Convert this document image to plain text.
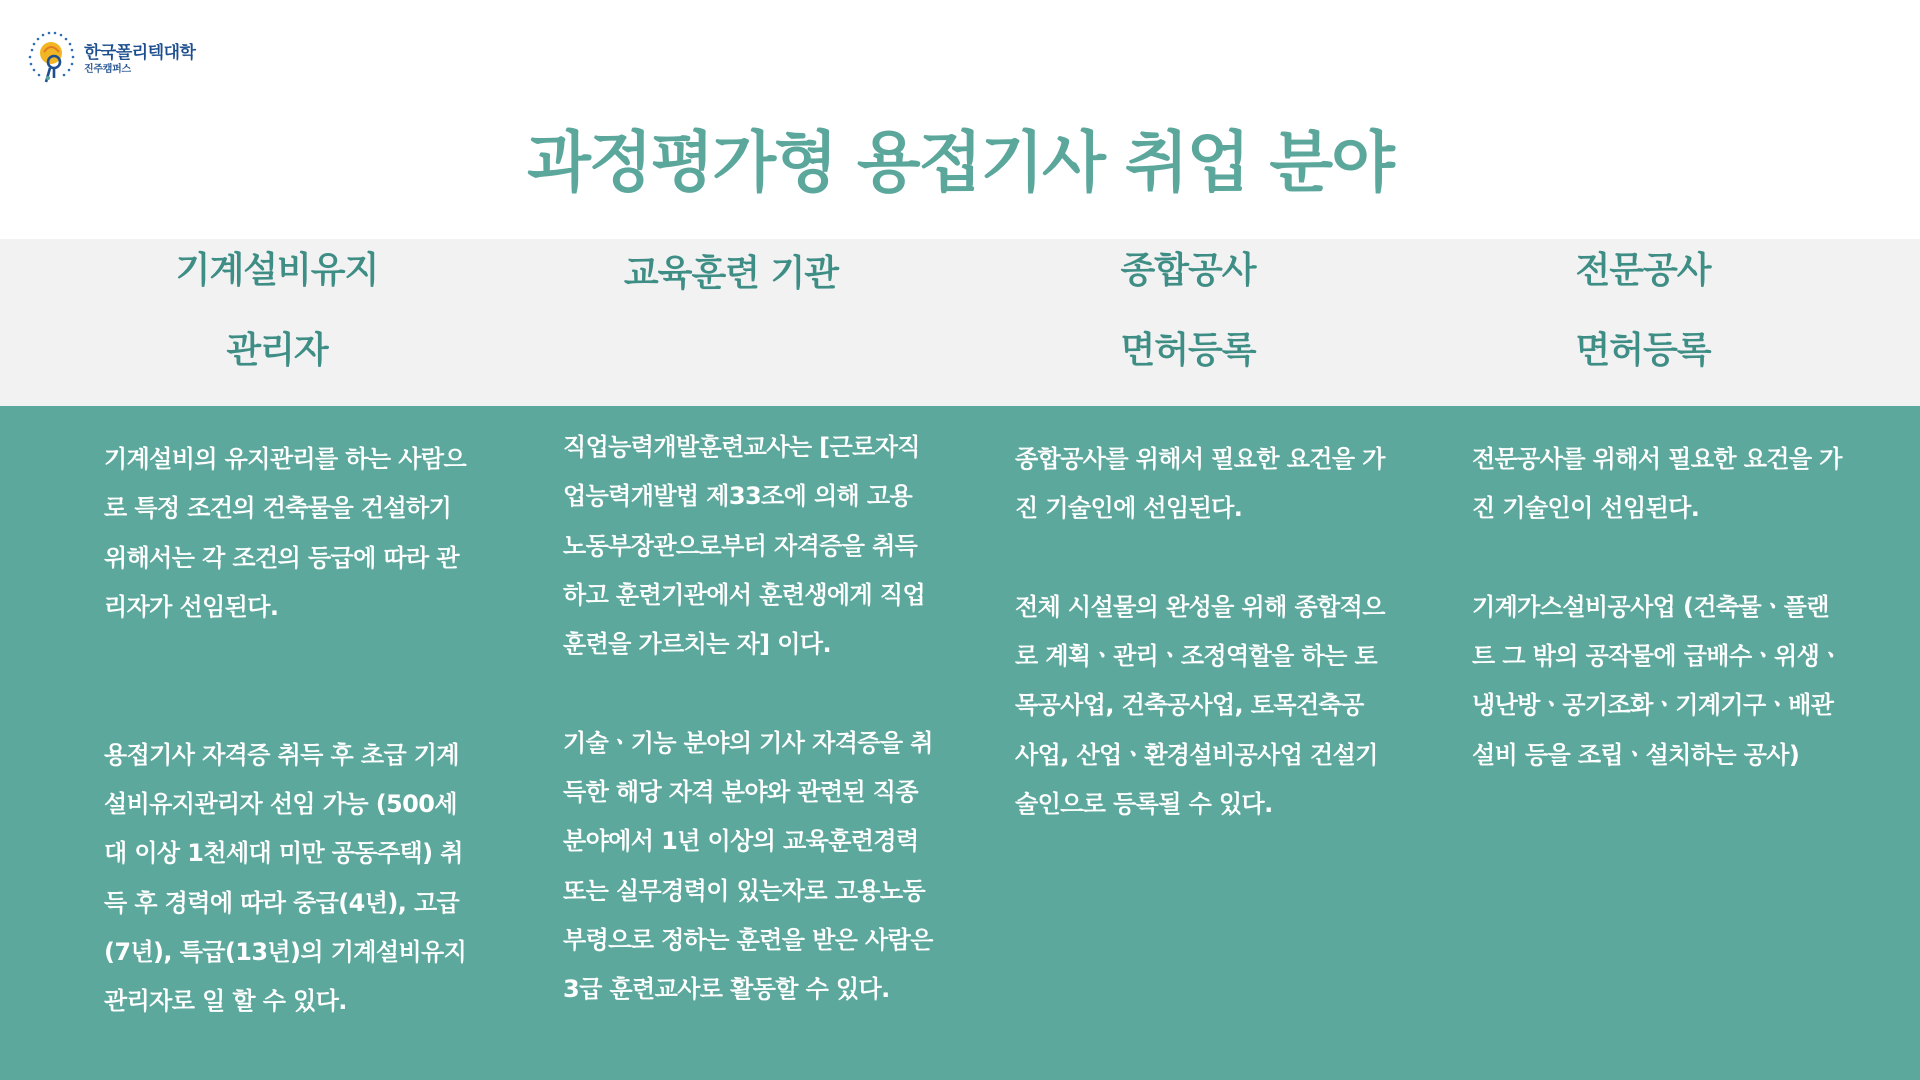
한국폴리텍대학
진주캠퍼스
과정평가형 용접기사 취업 분야
기계설비유지
관리자
교육훈련 기관	종합공사
면허등록
전문공사
면허등록

기계설비의 유지관리를 하는 사람으로 특정 조건의 건축물을 건설하기 위해서는 각 조건의 등급에 따라 관리자가 선임된다.

용접기사 자격증 취득 후 초급 기계설비유지관리자 선임 가능 (500세대 이상 1천세대 미만 공동주택) 취득 후 경력에 따라 중급(4년), 고급(7년), 특급(13년)의 기계설비유지관리자로 일 할 수 있다.

직업능력개발훈련교사는 [근로자직업능력개발법 제33조에 의해 고용노동부장관으로부터 자격증을 취득하고 훈련기관에서 훈련생에게 직업훈련을 가르치는 자] 이다.

기술ㆍ기능 분야의 기사 자격증을 취득한 해당 자격 분야와 관련된 직종 분야에서 1년 이상의 교육훈련경력 또는 실무경력이 있는자로 고용노동부령으로 정하는 훈련을 받은 사람은 3급 훈련교사로 활동할 수 있다.

종합공사를 위해서 필요한 요건을 가진 기술인에 선임된다.

전체 시설물의 완성을 위해 종합적으로 계획ㆍ관리ㆍ조정역할을 하는 토목공사업, 건축공사업, 토목건축공사업, 산업ㆍ환경설비공사업 건설기술인으로 등록될 수 있다.

전문공사를 위해서 필요한 요건을 가진 기술인이 선임된다.

기계가스설비공사업 (건축물ㆍ플랜트 그 밖의 공작물에 급배수ㆍ위생ㆍ냉난방ㆍ공기조화ㆍ기계기구ㆍ배관설비 등을 조립ㆍ설치하는 공사)
